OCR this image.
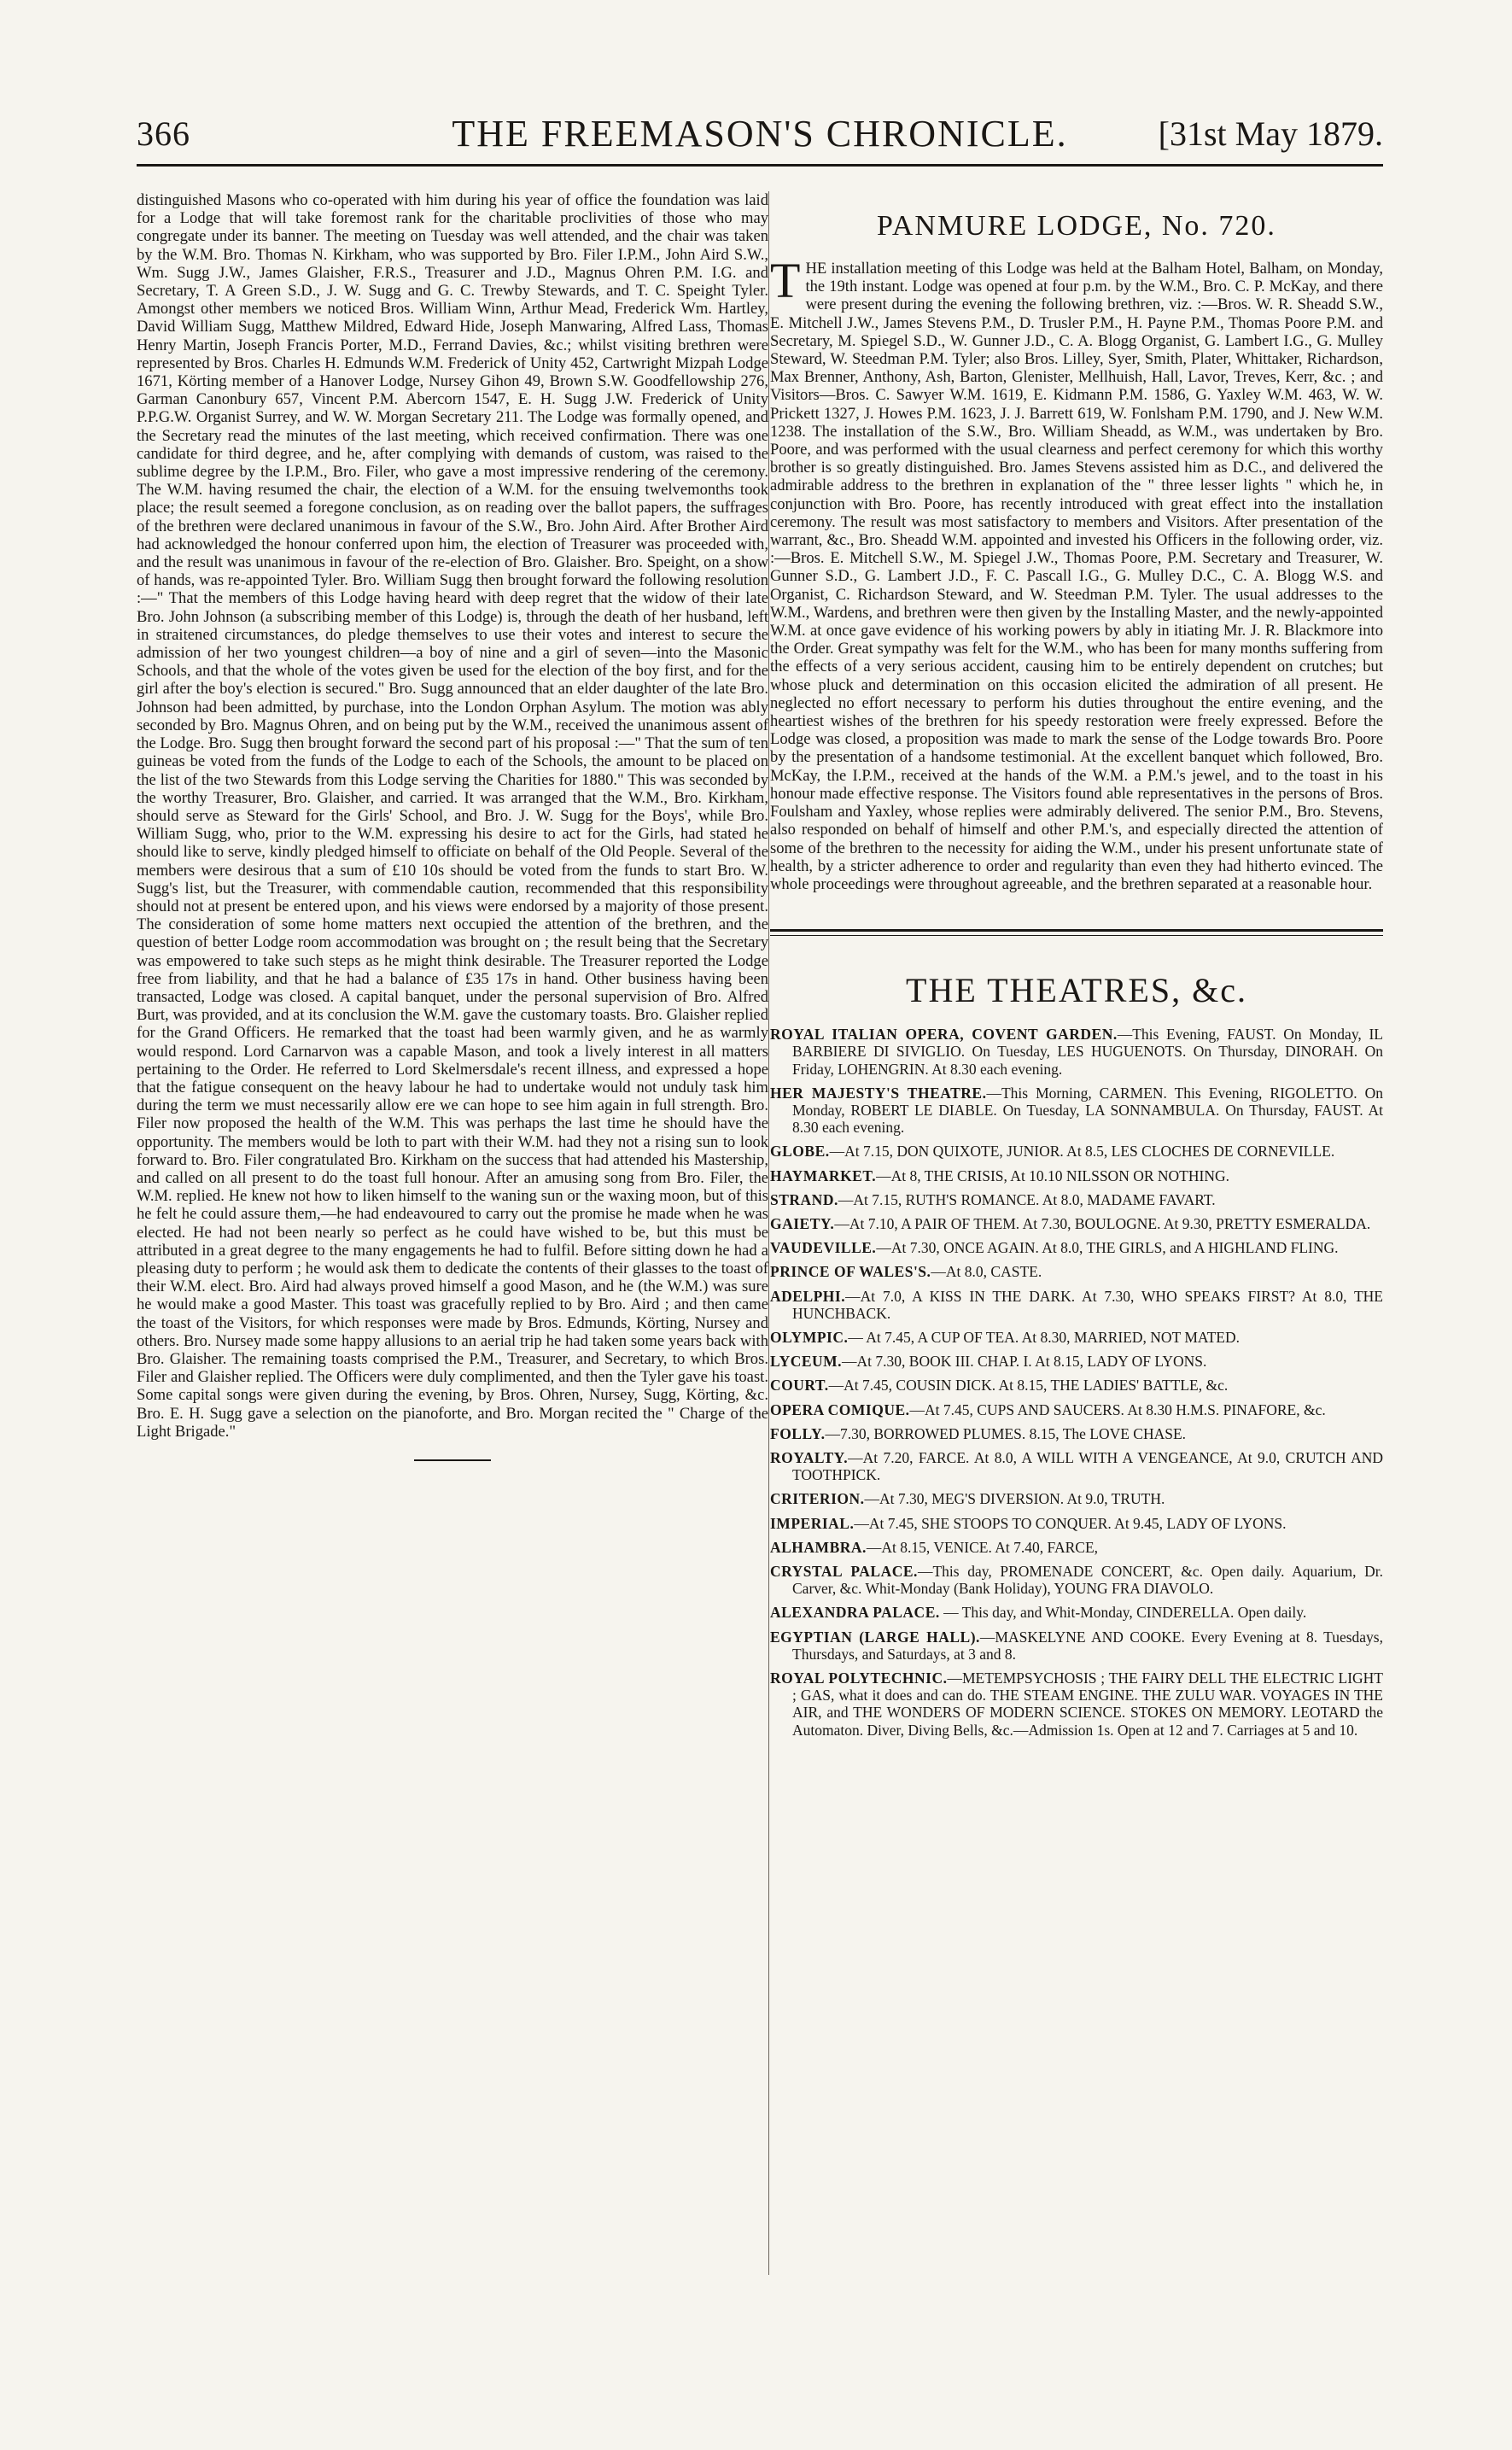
366	THE FREEMASON'S CHRONICLE.	[31st May 1879.

distinguished Masons who co-operated with him during his year of office the foundation was laid for a Lodge that will take foremost rank for the charitable proclivities of those who may congregate under its banner. The meeting on Tuesday was well attended, and the chair was taken by the W.M. Bro. Thomas N. Kirkham, who was supported by Bro. Filer I.P.M., John Aird S.W., Wm. Sugg J.W., James Glaisher, F.R.S., Treasurer and J.D., Magnus Ohren P.M. I.G. and Secretary, T. A Green S.D., J. W. Sugg and G. C. Trewby Stewards, and T. C. Speight Tyler. Amongst other members we noticed Bros. William Winn, Arthur Mead, Frederick Wm. Hartley, David William Sugg, Matthew Mildred, Edward Hide, Joseph Manwaring, Alfred Lass, Thomas Henry Martin, Joseph Francis Porter, M.D., Ferrand Davies, &c.; whilst visiting brethren were represented by Bros. Charles H. Edmunds W.M. Frederick of Unity 452, Cartwright Mizpah Lodge 1671, Körting member of a Hanover Lodge, Nursey Gihon 49, Brown S.W. Goodfellowship 276, Garman Canonbury 657, Vincent P.M. Abercorn 1547, E. H. Sugg J.W. Frederick of Unity P.P.G.W. Organist Surrey, and W. W. Morgan Secretary 211. The Lodge was formally opened, and the Secretary read the minutes of the last meeting, which received confirmation. There was one candidate for third degree, and he, after complying with demands of custom, was raised to the sublime degree by the I.P.M., Bro. Filer, who gave a most impressive rendering of the ceremony. The W.M. having resumed the chair, the election of a W.M. for the ensuing twelvemonths took place; the result seemed a foregone conclusion, as on reading over the ballot papers, the suffrages of the brethren were declared unanimous in favour of the S.W., Bro. John Aird. After Brother Aird had acknowledged the honour conferred upon him, the election of Treasurer was proceeded with, and the result was unanimous in favour of the re-election of Bro. Glaisher. Bro. Speight, on a show of hands, was re-appointed Tyler. Bro. William Sugg then brought forward the following resolution :—" That the members of this Lodge having heard with deep regret that the widow of their late Bro. John Johnson (a subscribing member of this Lodge) is, through the death of her husband, left in straitened circumstances, do pledge themselves to use their votes and interest to secure the admission of her two youngest children—a boy of nine and a girl of seven—into the Masonic Schools, and that the whole of the votes given be used for the election of the boy first, and for the girl after the boy's election is secured." Bro. Sugg announced that an elder daughter of the late Bro. Johnson had been admitted, by purchase, into the London Orphan Asylum. The motion was ably seconded by Bro. Magnus Ohren, and on being put by the W.M., received the unanimous assent of the Lodge. Bro. Sugg then brought forward the second part of his proposal :—" That the sum of ten guineas be voted from the funds of the Lodge to each of the Schools, the amount to be placed on the list of the two Stewards from this Lodge serving the Charities for 1880." This was seconded by the worthy Treasurer, Bro. Glaisher, and carried. It was arranged that the W.M., Bro. Kirkham, should serve as Steward for the Girls' School, and Bro. J. W. Sugg for the Boys', while Bro. William Sugg, who, prior to the W.M. expressing his desire to act for the Girls, had stated he should like to serve, kindly pledged himself to officiate on behalf of the Old People. Several of the members were desirous that a sum of £10 10s should be voted from the funds to start Bro. W. Sugg's list, but the Treasurer, with commendable caution, recommended that this responsibility should not at present be entered upon, and his views were endorsed by a majority of those present. The consideration of some home matters next occupied the attention of the brethren, and the question of better Lodge room accommodation was brought on ; the result being that the Secretary was empowered to take such steps as he might think desirable. The Treasurer reported the Lodge free from liability, and that he had a balance of £35 17s in hand. Other business having been transacted, Lodge was closed. A capital banquet, under the personal supervision of Bro. Alfred Burt, was provided, and at its conclusion the W.M. gave the customary toasts. Bro. Glaisher replied for the Grand Officers. He remarked that the toast had been warmly given, and he as warmly would respond. Lord Carnarvon was a capable Mason, and took a lively interest in all matters pertaining to the Order. He referred to Lord Skelmersdale's recent illness, and expressed a hope that the fatigue consequent on the heavy labour he had to undertake would not unduly task him during the term we must necessarily allow ere we can hope to see him again in full strength. Bro. Filer now proposed the health of the W.M. This was perhaps the last time he should have the opportunity. The members would be loth to part with their W.M. had they not a rising sun to look forward to. Bro. Filer congratulated Bro. Kirkham on the success that had attended his Mastership, and called on all present to do the toast full honour. After an amusing song from Bro. Filer, the W.M. replied. He knew not how to liken himself to the waning sun or the waxing moon, but of this he felt he could assure them,—he had endeavoured to carry out the promise he made when he was elected. He had not been nearly so perfect as he could have wished to be, but this must be attributed in a great degree to the many engagements he had to fulfil. Before sitting down he had a pleasing duty to perform ; he would ask them to dedicate the contents of their glasses to the toast of their W.M. elect. Bro. Aird had always proved himself a good Mason, and he (the W.M.) was sure he would make a good Master. This toast was gracefully replied to by Bro. Aird ; and then came the toast of the Visitors, for which responses were made by Bros. Edmunds, Körting, Nursey and others. Bro. Nursey made some happy allusions to an aerial trip he had taken some years back with Bro. Glaisher. The remaining toasts comprised the P.M., Treasurer, and Secretary, to which Bros. Filer and Glaisher replied. The Officers were duly complimented, and then the Tyler gave his toast. Some capital songs were given during the evening, by Bros. Ohren, Nursey, Sugg, Körting, &c. Bro. E. H. Sugg gave a selection on the pianoforte, and Bro. Morgan recited the " Charge of the Light Brigade."

PANMURE LODGE, No. 720.

THE installation meeting of this Lodge was held at the Balham Hotel, Balham, on Monday, the 19th instant. Lodge was opened at four p.m. by the W.M., Bro. C. P. McKay, and there were present during the evening the following brethren, viz. :—Bros. W. R. Sheadd S.W., E. Mitchell J.W., James Stevens P.M., D. Trusler P.M., H. Payne P.M., Thomas Poore P.M. and Secretary, M. Spiegel S.D., W. Gunner J.D., C. A. Blogg Organist, G. Lambert I.G., G. Mulley Steward, W. Steedman P.M. Tyler; also Bros. Lilley, Syer, Smith, Plater, Whittaker, Richardson, Max Brenner, Anthony, Ash, Barton, Glenister, Mellhuish, Hall, Lavor, Treves, Kerr, &c. ; and Visitors—Bros. C. Sawyer W.M. 1619, E. Kidmann P.M. 1586, G. Yaxley W.M. 463, W. W. Prickett 1327, J. Howes P.M. 1623, J. J. Barrett 619, W. Fonlsham P.M. 1790, and J. New W.M. 1238. The installation of the S.W., Bro. William Sheadd, as W.M., was undertaken by Bro. Poore, and was performed with the usual clearness and perfect ceremony for which this worthy brother is so greatly distinguished. Bro. James Stevens assisted him as D.C., and delivered the admirable address to the brethren in explanation of the " three lesser lights " which he, in conjunction with Bro. Poore, has recently introduced with great effect into the installation ceremony. The result was most satisfactory to members and Visitors. After presentation of the warrant, &c., Bro. Sheadd W.M. appointed and invested his Officers in the following order, viz. :—Bros. E. Mitchell S.W., M. Spiegel J.W., Thomas Poore, P.M. Secretary and Treasurer, W. Gunner S.D., G. Lambert J.D., F. C. Pascall I.G., G. Mulley D.C., C. A. Blogg W.S. and Organist, C. Richardson Steward, and W. Steedman P.M. Tyler. The usual addresses to the W.M., Wardens, and brethren were then given by the Installing Master, and the newly-appointed W.M. at once gave evidence of his working powers by ably in itiating Mr. J. R. Blackmore into the Order. Great sympathy was felt for the W.M., who has been for many months suffering from the effects of a very serious accident, causing him to be entirely dependent on crutches; but whose pluck and determination on this occasion elicited the admiration of all present. He neglected no effort necessary to perform his duties throughout the entire evening, and the heartiest wishes of the brethren for his speedy restoration were freely expressed. Before the Lodge was closed, a proposition was made to mark the sense of the Lodge towards Bro. Poore by the presentation of a handsome testimonial. At the excellent banquet which followed, Bro. McKay, the I.P.M., received at the hands of the W.M. a P.M.'s jewel, and to the toast in his honour made effective response. The Visitors found able representatives in the persons of Bros. Foulsham and Yaxley, whose replies were admirably delivered. The senior P.M., Bro. Stevens, also responded on behalf of himself and other P.M.'s, and especially directed the attention of some of the brethren to the necessity for aiding the W.M., under his present unfortunate state of health, by a stricter adherence to order and regularity than even they had hitherto evinced. The whole proceedings were throughout agreeable, and the brethren separated at a reasonable hour.

THE THEATRES, &c.

ROYAL ITALIAN OPERA, COVENT GARDEN.—This Evening, FAUST. On Monday, IL BARBIERE DI SIVIGLIO. On Tuesday, LES HUGUENOTS. On Thursday, DINORAH. On Friday, LOHENGRIN. At 8.30 each evening.

HER MAJESTY'S THEATRE.—This Morning, CARMEN. This Evening, RIGOLETTO. On Monday, ROBERT LE DIABLE. On Tuesday, LA SONNAMBULA. On Thursday, FAUST. At 8.30 each evening.

GLOBE.—At 7.15, DON QUIXOTE, JUNIOR. At 8.5, LES CLOCHES DE CORNEVILLE.

HAYMARKET.—At 8, THE CRISIS, At 10.10 NILSSON OR NOTHING.

STRAND.—At 7.15, RUTH'S ROMANCE. At 8.0, MADAME FAVART.

GAIETY.—At 7.10, A PAIR OF THEM. At 7.30, BOULOGNE. At 9.30, PRETTY ESMERALDA.

VAUDEVILLE.—At 7.30, ONCE AGAIN. At 8.0, THE GIRLS, and A HIGHLAND FLING.

PRINCE OF WALES'S.—At 8.0, CASTE.

ADELPHI.—At 7.0, A KISS IN THE DARK. At 7.30, WHO SPEAKS FIRST? At 8.0, THE HUNCHBACK.

OLYMPIC.— At 7.45, A CUP OF TEA. At 8.30, MARRIED, NOT MATED.

LYCEUM.—At 7.30, BOOK III. CHAP. I. At 8.15, LADY OF LYONS.

COURT.—At 7.45, COUSIN DICK. At 8.15, THE LADIES' BATTLE, &c.

OPERA COMIQUE.—At 7.45, CUPS AND SAUCERS. At 8.30 H.M.S. PINAFORE, &c.

FOLLY.—7.30, BORROWED PLUMES. 8.15, The LOVE CHASE.

ROYALTY.—At 7.20, FARCE. At 8.0, A WILL WITH A VENGEANCE, At 9.0, CRUTCH AND TOOTHPICK.

CRITERION.—At 7.30, MEG'S DIVERSION. At 9.0, TRUTH.

IMPERIAL.—At 7.45, SHE STOOPS TO CONQUER. At 9.45, LADY OF LYONS.

ALHAMBRA.—At 8.15, VENICE. At 7.40, FARCE,

CRYSTAL PALACE.—This day, PROMENADE CONCERT, &c. Open daily. Aquarium, Dr. Carver, &c. Whit-Monday (Bank Holiday), YOUNG FRA DIAVOLO.

ALEXANDRA PALACE. — This day, and Whit-Monday, CINDERELLA. Open daily.

EGYPTIAN (LARGE HALL).—MASKELYNE AND COOKE. Every Evening at 8. Tuesdays, Thursdays, and Saturdays, at 3 and 8.

ROYAL POLYTECHNIC.—METEMPSYCHOSIS ; THE FAIRY DELL THE ELECTRIC LIGHT ; GAS, what it does and can do. THE STEAM ENGINE. THE ZULU WAR. VOYAGES IN THE AIR, and THE WONDERS OF MODERN SCIENCE. STOKES ON MEMORY. LEOTARD the Automaton. Diver, Diving Bells, &c.—Admission 1s. Open at 12 and 7. Carriages at 5 and 10.
